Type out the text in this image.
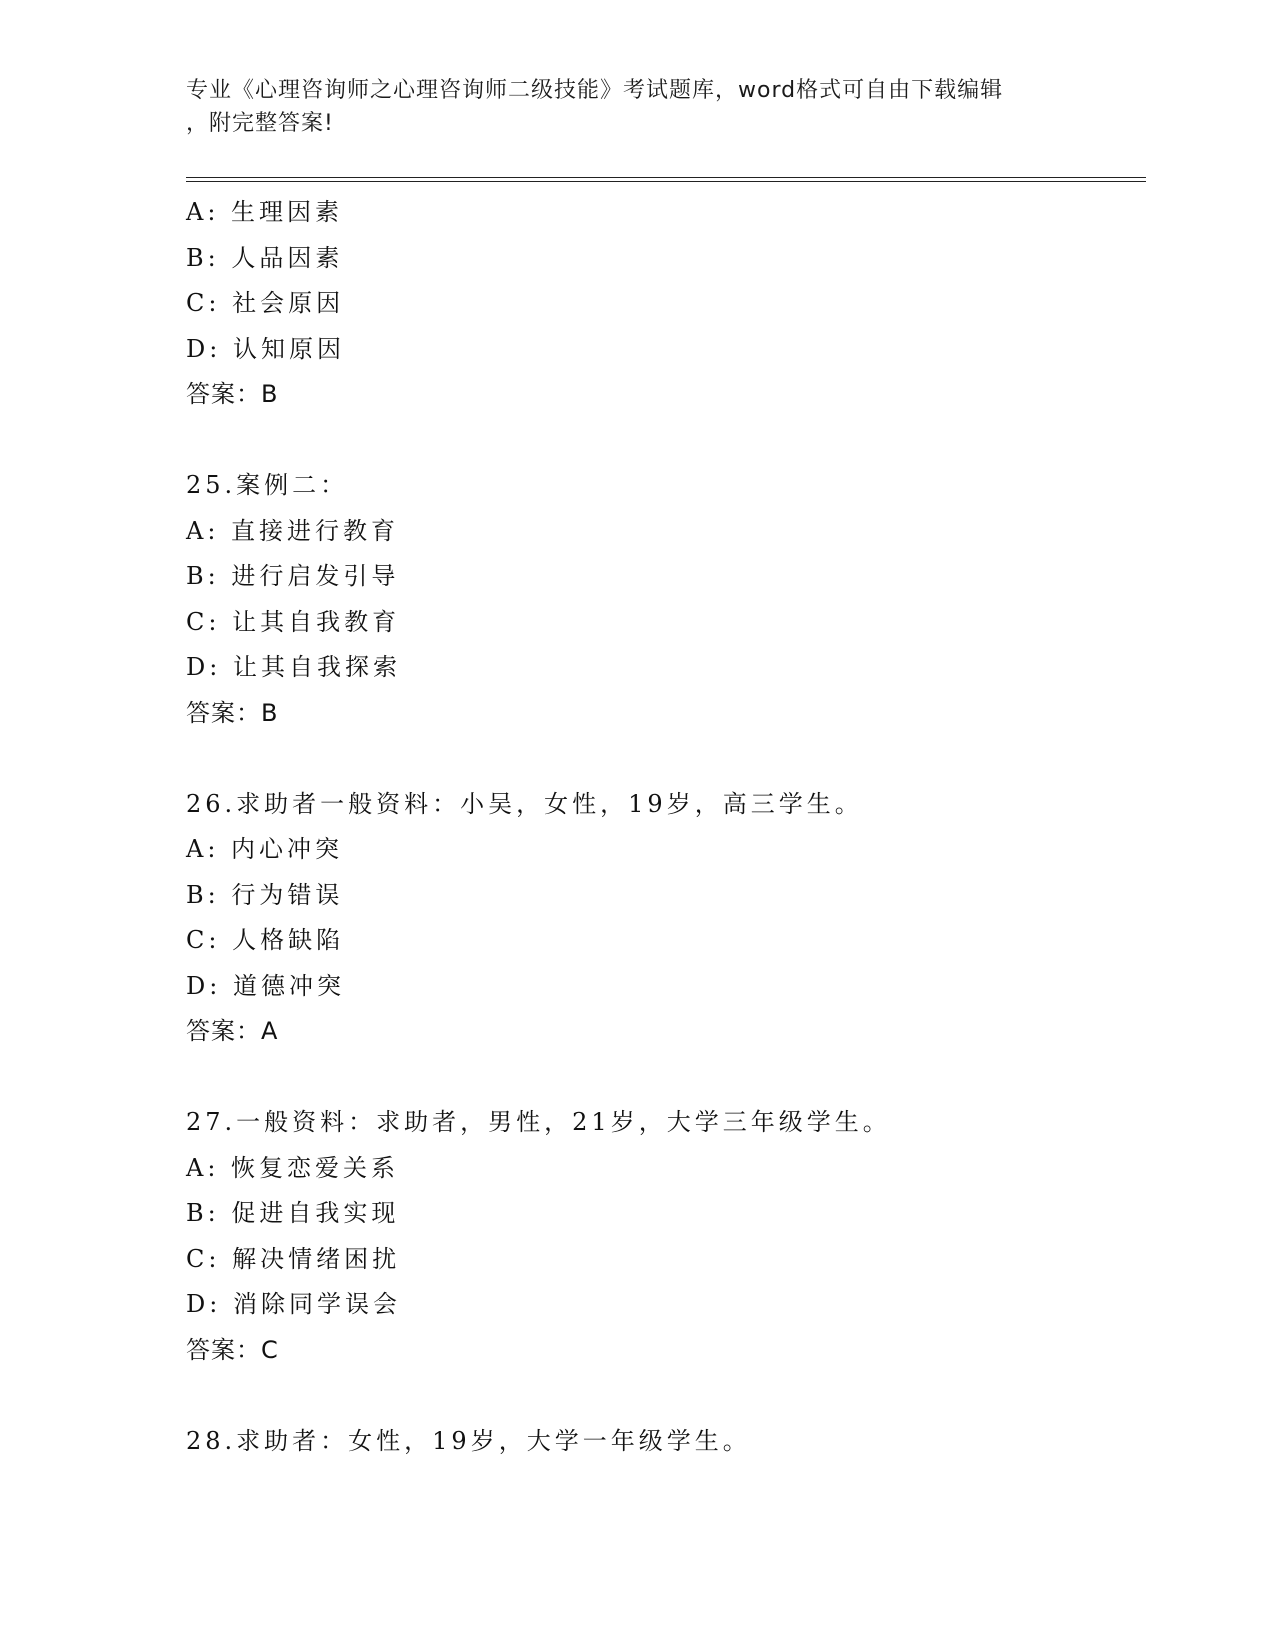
专业《心理咨询师之心理咨询师二级技能》考试题库，word格式可自由下载编辑
，附完整答案!
A: 生理因素
B: 人品因素
C: 社会原因
D: 认知原因
答案：B
25.案例二：
A: 直接进行教育
B: 进行启发引导
C: 让其自我教育
D: 让其自我探索
答案：B
26.求助者一般资料：小吴，女性，19岁，高三学生。
A: 内心冲突
B: 行为错误
C: 人格缺陷
D: 道德冲突
答案：A
27.一般资料：求助者，男性，21岁，大学三年级学生。
A: 恢复恋爱关系
B: 促进自我实现
C: 解决情绪困扰
D: 消除同学误会
答案：C
28.求助者：女性，19岁，大学一年级学生。
